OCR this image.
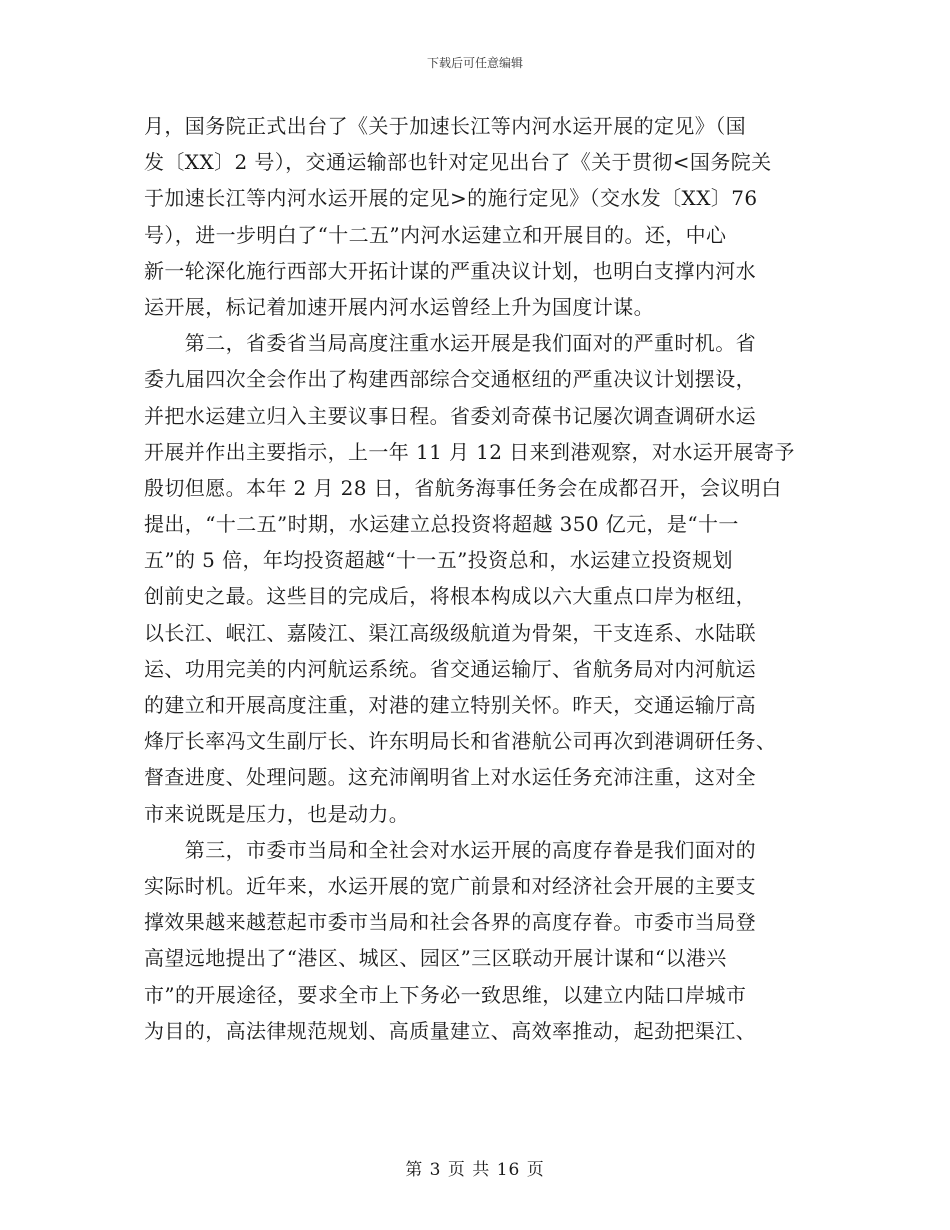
下载后可任意编辑
月，国务院正式出台了《关于加速长江等内河水运开展的定见》（国
发〔XX〕2 号），交通运输部也针对定见出台了《关于贯彻<国务院关
于加速长江等内河水运开展的定见>的施行定见》（交水发〔XX〕76
号），进一步明白了“十二五”内河水运建立和开展目的。还，中心
新一轮深化施行西部大开拓计谋的严重决议计划，也明白支撑内河水
运开展，标记着加速开展内河水运曾经上升为国度计谋。
　　第二，省委省当局高度注重水运开展是我们面对的严重时机。省
委九届四次全会作出了构建西部综合交通枢纽的严重决议计划摆设，
并把水运建立归入主要议事日程。省委刘奇葆书记屡次调查调研水运
开展并作出主要指示，上一年 11 月 12 日来到港观察，对水运开展寄予
殷切但愿。本年 2 月 28 日，省航务海事任务会在成都召开，会议明白
提出，“十二五”时期，水运建立总投资将超越 350 亿元，是“十一
五”的 5 倍，年均投资超越“十一五”投资总和，水运建立投资规划
创前史之最。这些目的完成后，将根本构成以六大重点口岸为枢纽，
以长江、岷江、嘉陵江、渠江高级级航道为骨架，干支连系、水陆联
运、功用完美的内河航运系统。省交通运输厅、省航务局对内河航运
的建立和开展高度注重，对港的建立特别关怀。昨天，交通运输厅高
烽厅长率冯文生副厅长、许东明局长和省港航公司再次到港调研任务、
督查进度、处理问题。这充沛阐明省上对水运任务充沛注重，这对全
市来说既是压力，也是动力。
　　第三，市委市当局和全社会对水运开展的高度存眷是我们面对的
实际时机。近年来，水运开展的宽广前景和对经济社会开展的主要支
撑效果越来越惹起市委市当局和社会各界的高度存眷。市委市当局登
高望远地提出了“港区、城区、园区”三区联动开展计谋和“以港兴
市”的开展途径，要求全市上下务必一致思维，以建立内陆口岸城市
为目的，高法律规范规划、高质量建立、高效率推动，起劲把渠江、
第 3 页 共 16 页
